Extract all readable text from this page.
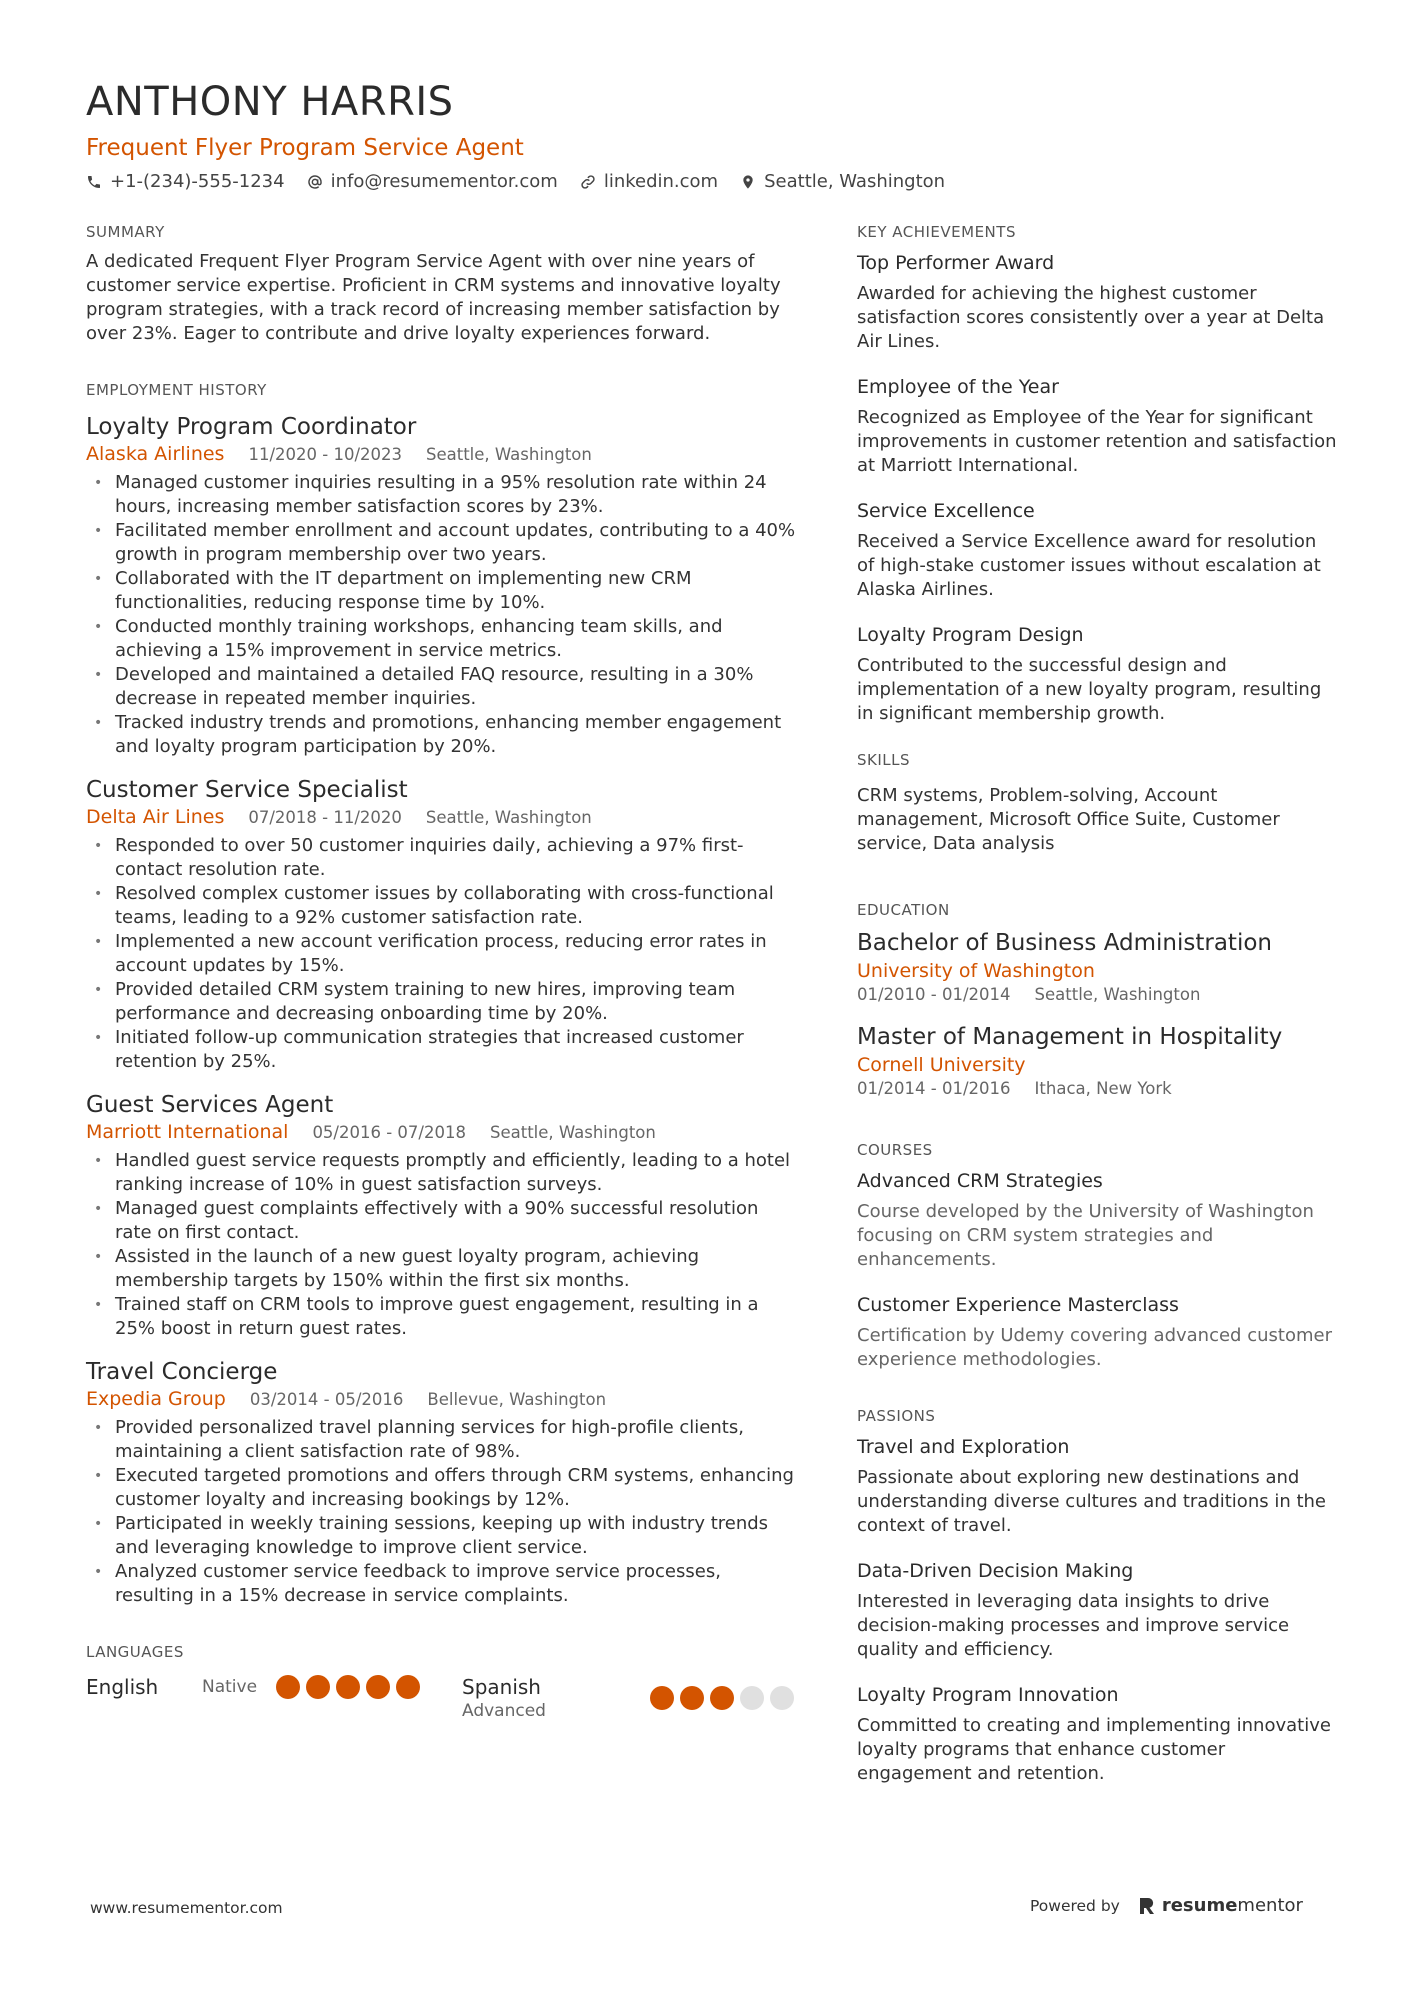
ANTHONY HARRIS
Frequent Flyer Program Service Agent
+1-(234)-555-1234	info@resumementor.com	linkedin.com	Seattle, Washington
SUMMARY
A dedicated Frequent Flyer Program Service Agent with over nine years of customer service expertise. Proficient in CRM systems and innovative loyalty program strategies, with a track record of increasing member satisfaction by over 23%. Eager to contribute and drive loyalty experiences forward.
EMPLOYMENT HISTORY
Loyalty Program Coordinator
Alaska Airlines 11/2020 - 10/2023 Seattle, Washington
• Managed customer inquiries resulting in a 95% resolution rate within 24 hours, increasing member satisfaction scores by 23%.
• Facilitated member enrollment and account updates, contributing to a 40% growth in program membership over two years.
• Collaborated with the IT department on implementing new CRM functionalities, reducing response time by 10%.
• Conducted monthly training workshops, enhancing team skills, and achieving a 15% improvement in service metrics.
• Developed and maintained a detailed FAQ resource, resulting in a 30% decrease in repeated member inquiries.
• Tracked industry trends and promotions, enhancing member engagement and loyalty program participation by 20%.
Customer Service Specialist
Delta Air Lines 07/2018 - 11/2020 Seattle, Washington
• Responded to over 50 customer inquiries daily, achieving a 97% first-contact resolution rate.
• Resolved complex customer issues by collaborating with cross-functional teams, leading to a 92% customer satisfaction rate.
• Implemented a new account verification process, reducing error rates in account updates by 15%.
• Provided detailed CRM system training to new hires, improving team performance and decreasing onboarding time by 20%.
• Initiated follow-up communication strategies that increased customer retention by 25%.
Guest Services Agent
Marriott International 05/2016 - 07/2018 Seattle, Washington
• Handled guest service requests promptly and efficiently, leading to a hotel ranking increase of 10% in guest satisfaction surveys.
• Managed guest complaints effectively with a 90% successful resolution rate on first contact.
• Assisted in the launch of a new guest loyalty program, achieving membership targets by 150% within the first six months.
• Trained staff on CRM tools to improve guest engagement, resulting in a 25% boost in return guest rates.
Travel Concierge
Expedia Group 03/2014 - 05/2016 Bellevue, Washington
• Provided personalized travel planning services for high-profile clients, maintaining a client satisfaction rate of 98%.
• Executed targeted promotions and offers through CRM systems, enhancing customer loyalty and increasing bookings by 12%.
• Participated in weekly training sessions, keeping up with industry trends and leveraging knowledge to improve client service.
• Analyzed customer service feedback to improve service processes, resulting in a 15% decrease in service complaints.
LANGUAGES
English	Native	Spanish
Advanced
KEY ACHIEVEMENTS
Top Performer Award
Awarded for achieving the highest customer satisfaction scores consistently over a year at Delta Air Lines.
Employee of the Year
Recognized as Employee of the Year for significant improvements in customer retention and satisfaction at Marriott International.
Service Excellence
Received a Service Excellence award for resolution of high-stake customer issues without escalation at Alaska Airlines.
Loyalty Program Design
Contributed to the successful design and implementation of a new loyalty program, resulting in significant membership growth.
SKILLS
CRM systems, Problem-solving, Account management, Microsoft Office Suite, Customer service, Data analysis
EDUCATION
Bachelor of Business Administration
University of Washington
01/2010 - 01/2014 Seattle, Washington
Master of Management in Hospitality
Cornell University
01/2014 - 01/2016 Ithaca, New York
COURSES
Advanced CRM Strategies
Course developed by the University of Washington focusing on CRM system strategies and enhancements.
Customer Experience Masterclass
Certification by Udemy covering advanced customer experience methodologies.
PASSIONS
Travel and Exploration
Passionate about exploring new destinations and understanding diverse cultures and traditions in the context of travel.
Data-Driven Decision Making
Interested in leveraging data insights to drive decision-making processes and improve service quality and efficiency.
Loyalty Program Innovation
Committed to creating and implementing innovative loyalty programs that enhance customer engagement and retention.
www.resumementor.com	Powered by resumementor
